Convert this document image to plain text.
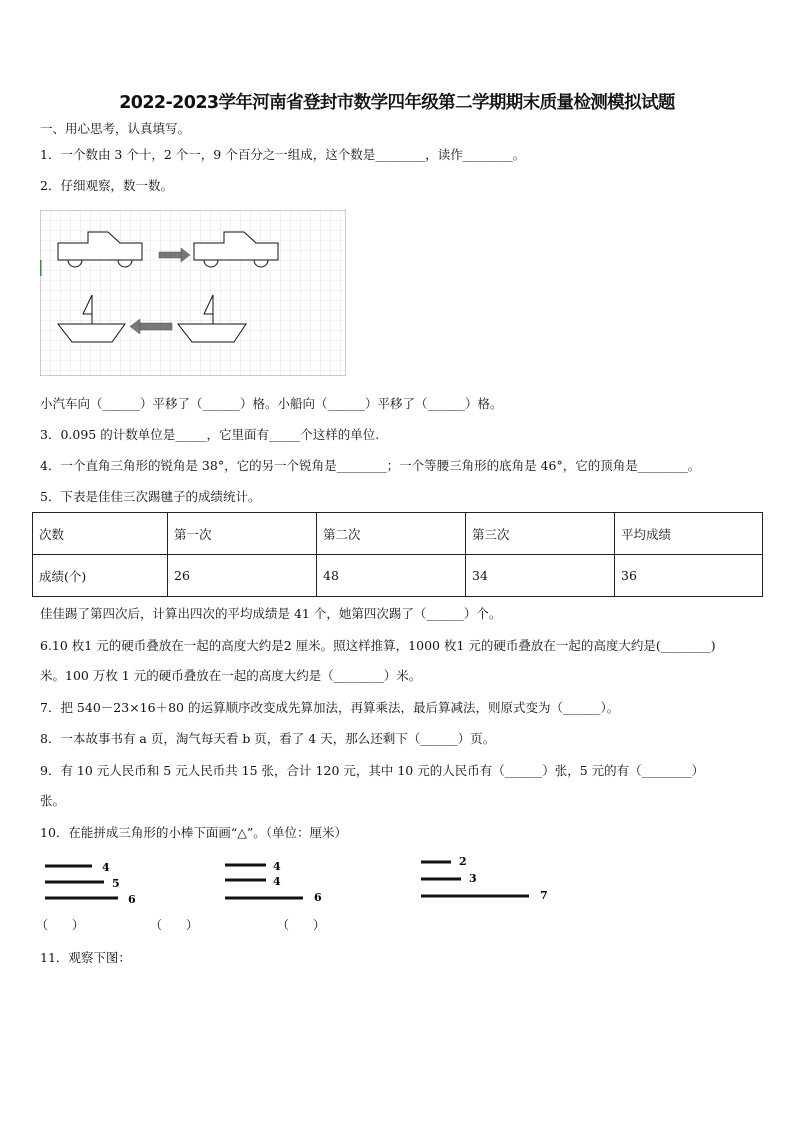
2022-2023学年河南省登封市数学四年级第二学期期末质量检测模拟试题
一、用心思考，认真填写。
1．一个数由 3 个十，2 个一，9 个百分之一组成，这个数是________，读作________。
2．仔细观察，数一数。
小汽车向（______）平移了（______）格。小船向（______）平移了（______）格。
3．0.095 的计数单位是_____，它里面有_____个这样的单位.
4．一个直角三角形的锐角是 38°，它的另一个锐角是________；一个等腰三角形的底角是 46°，它的顶角是________。
5．下表是佳佳三次踢毽子的成绩统计。
次数	第一次	第二次	第三次	平均成绩
成绩(个)	26	48	34	36
佳佳踢了第四次后，计算出四次的平均成绩是 41 个，她第四次踢了（______）个。
6.10 枚1 元的硬币叠放在一起的高度大约是2 厘米。照这样推算，1000 枚1 元的硬币叠放在一起的高度大约是(________)
米。100 万枚 1 元的硬币叠放在一起的高度大约是（________）米。
7．把 540－23×16＋80 的运算顺序改变成先算加法，再算乘法，最后算减法，则原式变为（______）。
8．一本故事书有 a 页，淘气每天看 b 页，看了 4 天，那么还剩下（______）页。
9．有 10 元人民币和 5 元人民币共 15 张，合计 120 元，其中 10 元的人民币有（______）张，5 元的有（________）
张。
10．在能拼成三角形的小棒下面画“△”。（单位：厘米）
4
5
6
（　　）
4
4
6
（　　）
2
3
7
（　　）
11．观察下图：
